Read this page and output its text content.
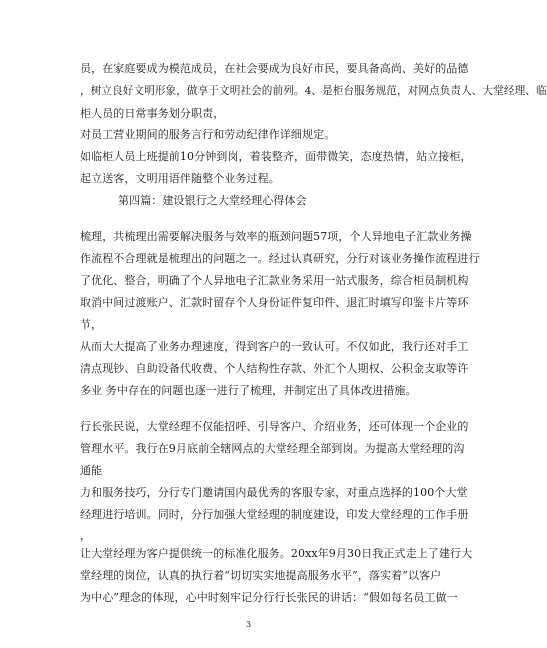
员，在家庭要成为模范成员，在社会要成为良好市民，要具备高尚、美好的品德
，树立良好文明形象，做享于文明社会的前列。4、是柜台服务规范，对网点负责人、大堂经理、临
柜人员的日常事务划分职责，
对员工营业期间的服务言行和劳动纪律作详细规定。
如临柜人员上班提前10分钟到岗，着装整齐，面带微笑，态度热情，站立接柜，
起立送客，文明用语伴随整个业务过程。
第四篇：建设银行之大堂经理心得体会
梳理，共梳理出需要解决服务与效率的瓶颈问题57项，个人异地电子汇款业务操
作流程不合理就是梳理出的问题之一。经过认真研究，分行对该业务操作流程进行
了优化、整合，明确了个人异地电子汇款业务采用一站式服务，综合柜员制机构
取消中间过渡账户、汇款时留存个人身份证件复印件、退汇时填写印鉴卡片等环
节，
从而大大提高了业务办理速度，得到客户的一致认可。不仅如此，我行还对手工
清点现钞、自助设备代收费、个人结构性存款、外汇个人期权、公积金支取等许
多业 务中存在的问题也逐一进行了梳理，并制定出了具体改进措施。
行长张民说，大堂经理不仅能招呼、引导客户、介绍业务，还可体现一个企业的
管理水平。我行在9月底前全辖网点的大堂经理全部到岗。为提高大堂经理的沟
通能
力和服务技巧，分行专门邀请国内最优秀的客服专家，对重点选择的100个大堂
经理进行培训。同时，分行加强大堂经理的制度建设，印发大堂经理的工作手册
，
让大堂经理为客户提供统一的标准化服务。20xx年9月30日我正式走上了建行大
堂经理的岗位，认真的执行着“切切实实地提高服务水平”，落实着“以客户
为中心”理念的体现，心中时刻牢记分行行长张民的讲话：“假如每名员工做一
3
